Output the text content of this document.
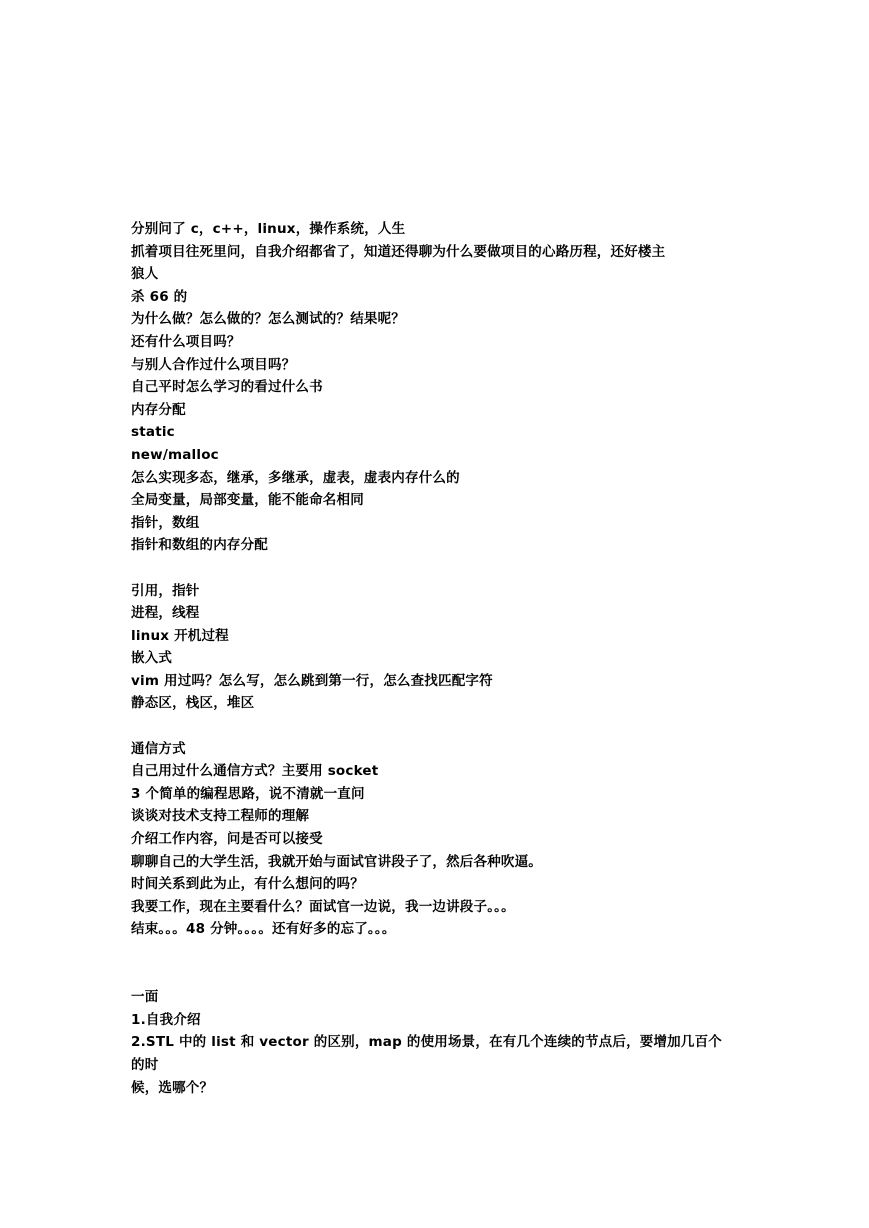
分别问了 c，c++，linux，操作系统，人生
抓着项目往死里问，自我介绍都省了，知道还得聊为什么要做项目的心路历程，还好楼主
狼人
杀 66 的
为什么做？怎么做的？怎么测试的？结果呢？
还有什么项目吗？
与别人合作过什么项目吗？
自己平时怎么学习的看过什么书
内存分配
static
new/malloc
怎么实现多态，继承，多继承，虚表，虚表内存什么的
全局变量，局部变量，能不能命名相同
指针，数组
指针和数组的内存分配
引用，指针
进程，线程
linux 开机过程
嵌入式
vim 用过吗？怎么写，怎么跳到第一行，怎么查找匹配字符
静态区，栈区，堆区
通信方式
自己用过什么通信方式？主要用 socket
3 个简单的编程思路，说不清就一直问
谈谈对技术支持工程师的理解
介绍工作内容，问是否可以接受
聊聊自己的大学生活，我就开始与面试官讲段子了，然后各种吹逼。
时间关系到此为止，有什么想问的吗？
我要工作，现在主要看什么？面试官一边说，我一边讲段子。。。
结束。。。48 分钟。。。。还有好多的忘了。。。
一面
1.自我介绍
2.STL 中的 list 和 vector 的区别，map 的使用场景，在有几个连续的节点后，要增加几百个
的时
候，选哪个？
